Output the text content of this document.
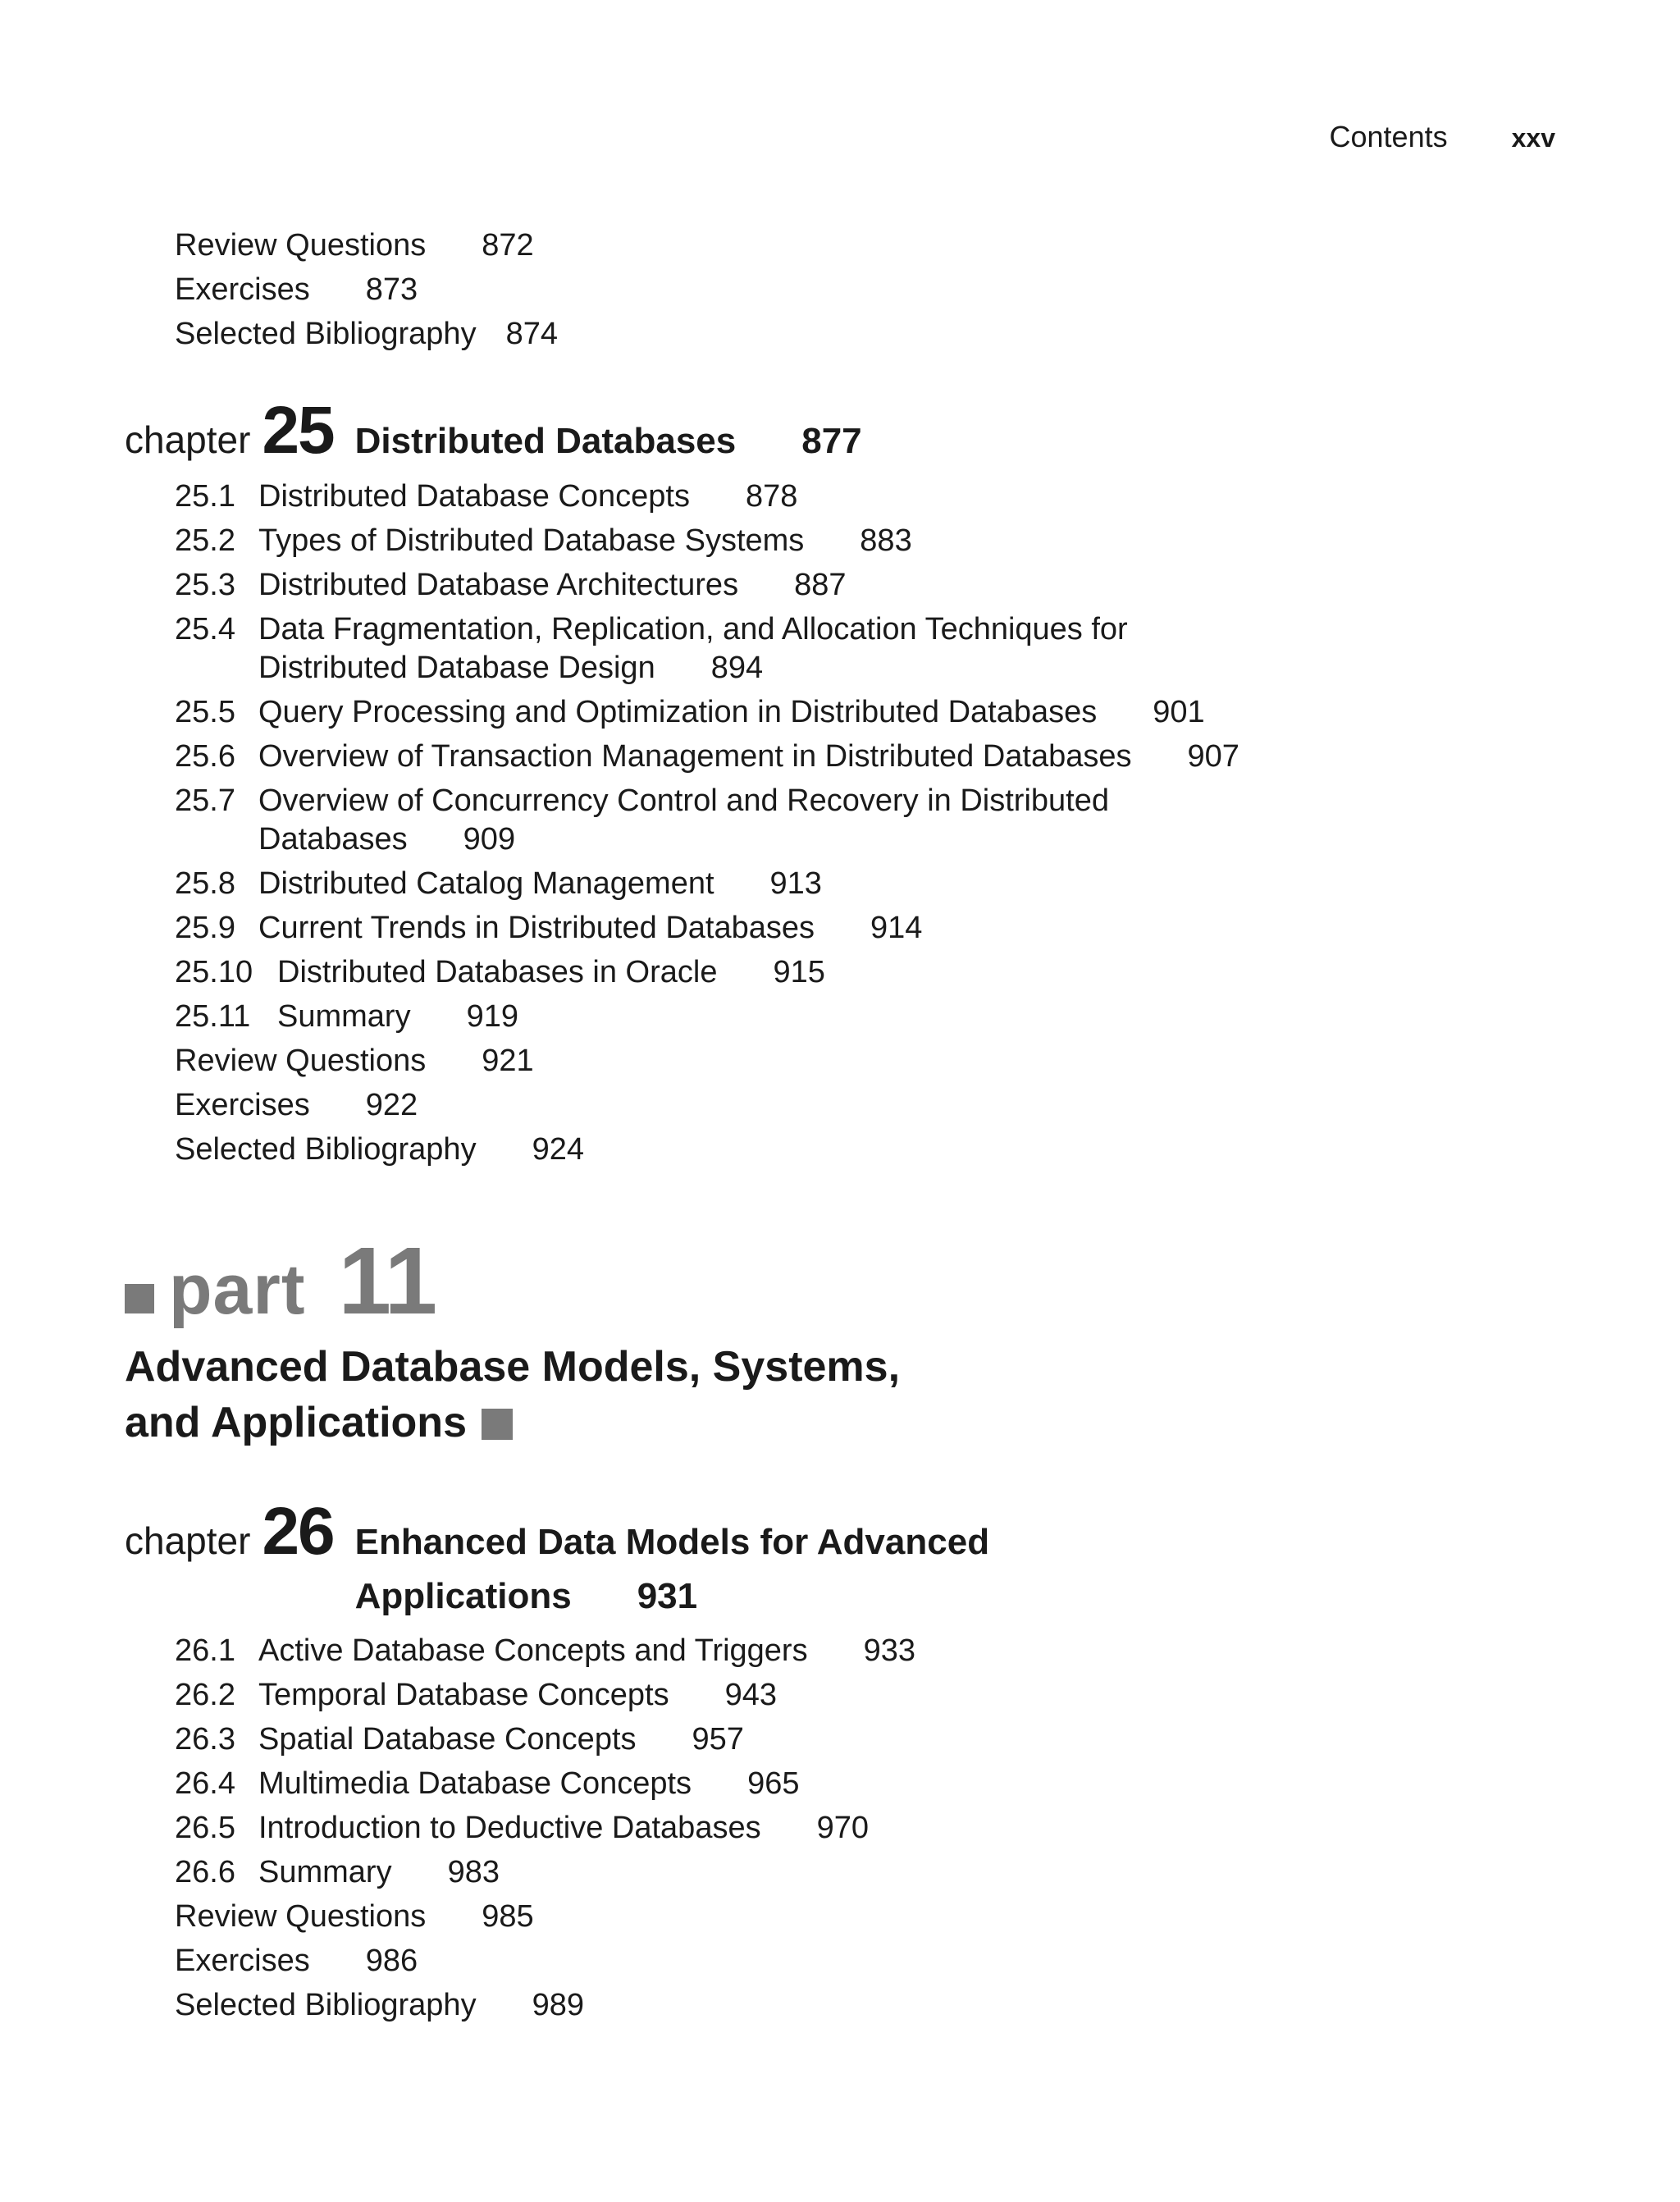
Contents xxv
Review Questions 872
Exercises 873
Selected Bibliography 874
chapter 25 Distributed Databases 877
25.1 Distributed Database Concepts 878
25.2 Types of Distributed Database Systems 883
25.3 Distributed Database Architectures 887
25.4 Data Fragmentation, Replication, and Allocation Techniques for
Distributed Database Design 894
25.5 Query Processing and Optimization in Distributed Databases 901
25.6 Overview of Transaction Management in Distributed Databases 907
25.7 Overview of Concurrency Control and Recovery in Distributed
Databases 909
25.8 Distributed Catalog Management 913
25.9 Current Trends in Distributed Databases 914
25.10 Distributed Databases in Oracle 915
25.11 Summary 919
Review Questions 921
Exercises 922
Selected Bibliography 924
part 11
Advanced Database Models, Systems,
and Applications
chapter 26 Enhanced Data Models for Advanced
Applications 931
26.1 Active Database Concepts and Triggers 933
26.2 Temporal Database Concepts 943
26.3 Spatial Database Concepts 957
26.4 Multimedia Database Concepts 965
26.5 Introduction to Deductive Databases 970
26.6 Summary 983
Review Questions 985
Exercises 986
Selected Bibliography 989
